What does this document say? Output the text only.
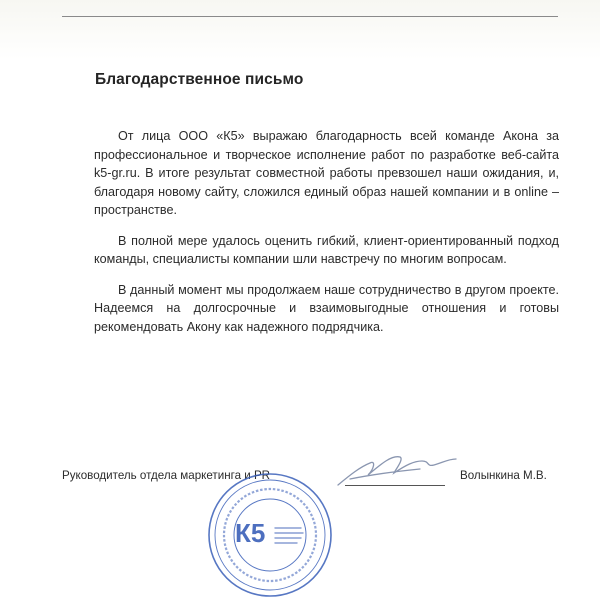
Благодарственное письмо

От лица ООО «К5» выражаю благодарность всей команде Акона за профессиональное и творческое исполнение работ по разработке веб-сайта k5-gr.ru. В итоге результат совместной работы превзошел наши ожидания, и, благодаря новому сайту, сложился единый образ нашей компании и в online – пространстве.

В полной мере удалось оценить гибкий, клиент-ориентированный подход команды, специалисты компании шли навстречу по многим вопросам.

В данный момент мы продолжаем наше сотрудничество в другом проекте. Надеемся на долгосрочные и взаимовыгодные отношения и готовы рекомендовать Акону как надежного подрядчика.

Руководитель отдела маркетинга и PR	Волынкина М.В.
К5
